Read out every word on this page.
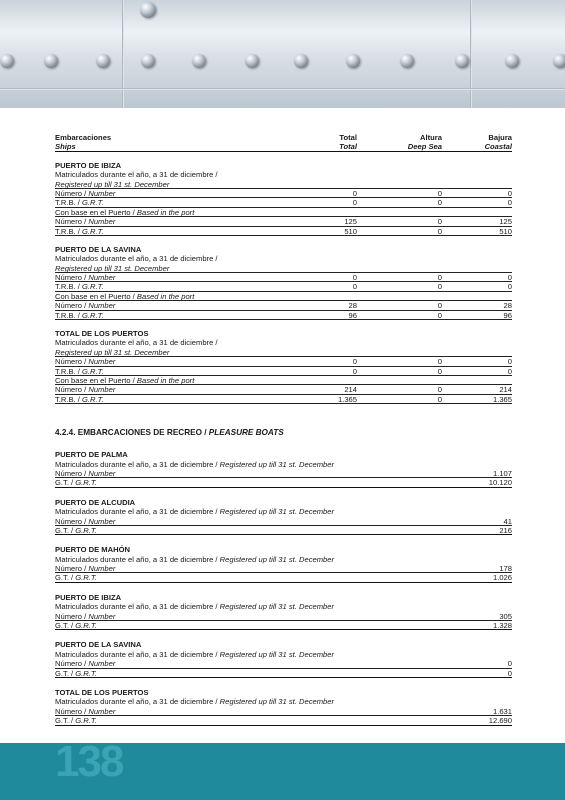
Embarcaciones	Total	Altura	Bajura
Ships	Total	Deep Sea	Coastal
PUERTO DE IBIZA
Matriculados durante el año, a 31 de diciembre /
Registered up till 31 st. December
Número / Number	0	0	0
T.R.B. / G.R.T.	0	0	0
Con base en el Puerto / Based in the port
Número / Number	125	0	125
T.R.B. / G.R.T.	510	0	510
PUERTO DE LA SAVINA
Matriculados durante el año, a 31 de diciembre /
Registered up till 31 st. December
Número / Number	0	0	0
T.R.B. / G.R.T.	0	0	0
Con base en el Puerto / Based in the port
Número / Number	28	0	28
T.R.B. / G.R.T.	96	0	96
TOTAL DE LOS PUERTOS
Matriculados durante el año, a 31 de diciembre /
Registered up till 31 st. December
Número / Number	0	0	0
T.R.B. / G.R.T.	0	0	0
Con base en el Puerto / Based in the port
Número / Number	214	0	214
T.R.B. / G.R.T.	1.365	0	1.365
4.2.4. EMBARCACIONES DE RECREO / PLEASURE BOATS
PUERTO DE PALMA
Matriculados durante el año, a 31 de diciembre / Registered up till 31 st. December
Número / Number	1.107
G.T. / G.R.T.	10.120
PUERTO DE ALCUDIA
Matriculados durante el año, a 31 de diciembre / Registered up till 31 st. December
Número / Number	41
G.T. / G.R.T.	216
PUERTO DE MAHÓN
Matriculados durante el año, a 31 de diciembre / Registered up till 31 st. December
Número / Number	178
G.T. / G.R.T.	1.026
PUERTO DE IBIZA
Matriculados durante el año, a 31 de diciembre / Registered up till 31 st. December
Número / Number	305
G.T. / G.R.T.	1.328
PUERTO DE LA SAVINA
Matriculados durante el año, a 31 de diciembre / Registered up till 31 st. December
Número / Number	0
G.T. / G.R.T.	0
TOTAL DE LOS PUERTOS
Matriculados durante el año, a 31 de diciembre / Registered up till 31 st. December
Número / Number	1.631
G.T. / G.R.T.	12.690
138
